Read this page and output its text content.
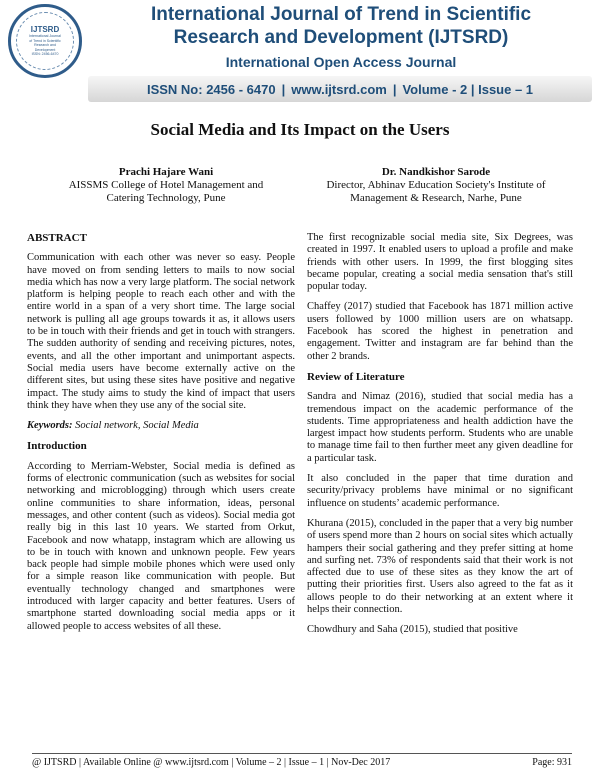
IJTSRD
International Journal
of Trend in Scientific
Research and
Development
ISSN: 2456-6470
International Journal of Trend in Scientific
Research and Development (IJTSRD)
International Open Access Journal
ISSN No: 2456 - 6470 | www.ijtsrd.com | Volume - 2 | Issue – 1
Social Media and Its Impact on the Users
Prachi Hajare Wani
AISSMS College of Hotel Management and
Catering Technology, Pune
Dr. Nandkishor Sarode
Director, Abhinav Education Society's Institute of
Management & Research, Narhe, Pune
ABSTRACT

Communication with each other was never so easy. People have moved on from sending letters to mails to now social media which has now a very large platform. The social network platform is helping people to reach each other and with the entire world in a span of a very short time. The large social network is pulling all age groups towards it as, it allows users to be in touch with their friends and get in touch with strangers. The sudden authority of sending and receiving pictures, notes, events, and all the other important and unimportant aspects. Social media users have become externally active on the different sites, but using these sites have positive and negative impact. The study aims to study the kind of impact that users think they have when they use any of the social site.

Keywords: Social network, Social Media
Introduction

According to Merriam-Webster, Social media is defined as forms of electronic communication (such as websites for social networking and microblogging) through which users create online communities to share information, ideas, personal messages, and other content (such as videos). Social media got really big in this last 10 years. We started from Orkut, Facebook and now whatapp, instagram which are allowing us to be in touch with known and unknown people. Few years back people had simple mobile phones which were used only for a simple reason like communication with people. But eventually technology changed and smartphones were introduced with larger capacity and better features. Users of smartphone started downloading social media apps or it allowed people to access websites of all these.

The first recognizable social media site, Six Degrees, was created in 1997. It enabled users to upload a profile and make friends with other users. In 1999, the first blogging sites became popular, creating a social media sensation that's still popular today.

Chaffey (2017) studied that Facebook has 1871 million active users followed by 1000 million users are on whatsapp. Facebook has scored the highest in penetration and engagement. Twitter and instagram are far behind than the other 2 brands.

Review of Literature

Sandra and Nimaz (2016), studied that social media has a tremendous impact on the academic performance of the students. Time appropriateness and health addiction have the largest impact how students perform. Students who are unable to manage time fail to then further meet any given deadline for a particular task.

It also concluded in the paper that time duration and security/privacy problems have minimal or no significant influence on students’ academic performance.

Khurana (2015), concluded in the paper that a very big number of users spend more than 2 hours on social sites which actually hampers their social gathering and they prefer sitting at home and surfing net. 73% of respondents said that their work is not affected due to use of these sites as they know the art of putting their priorities first. Users also agreed to the fat as it allows people to do their networking at an extent where it helps their connection.

Chowdhury and Saha (2015), studied that positive

@ IJTSRD | Available Online @ www.ijtsrd.com | Volume – 2 | Issue – 1 | Nov-Dec 2017	Page: 931
